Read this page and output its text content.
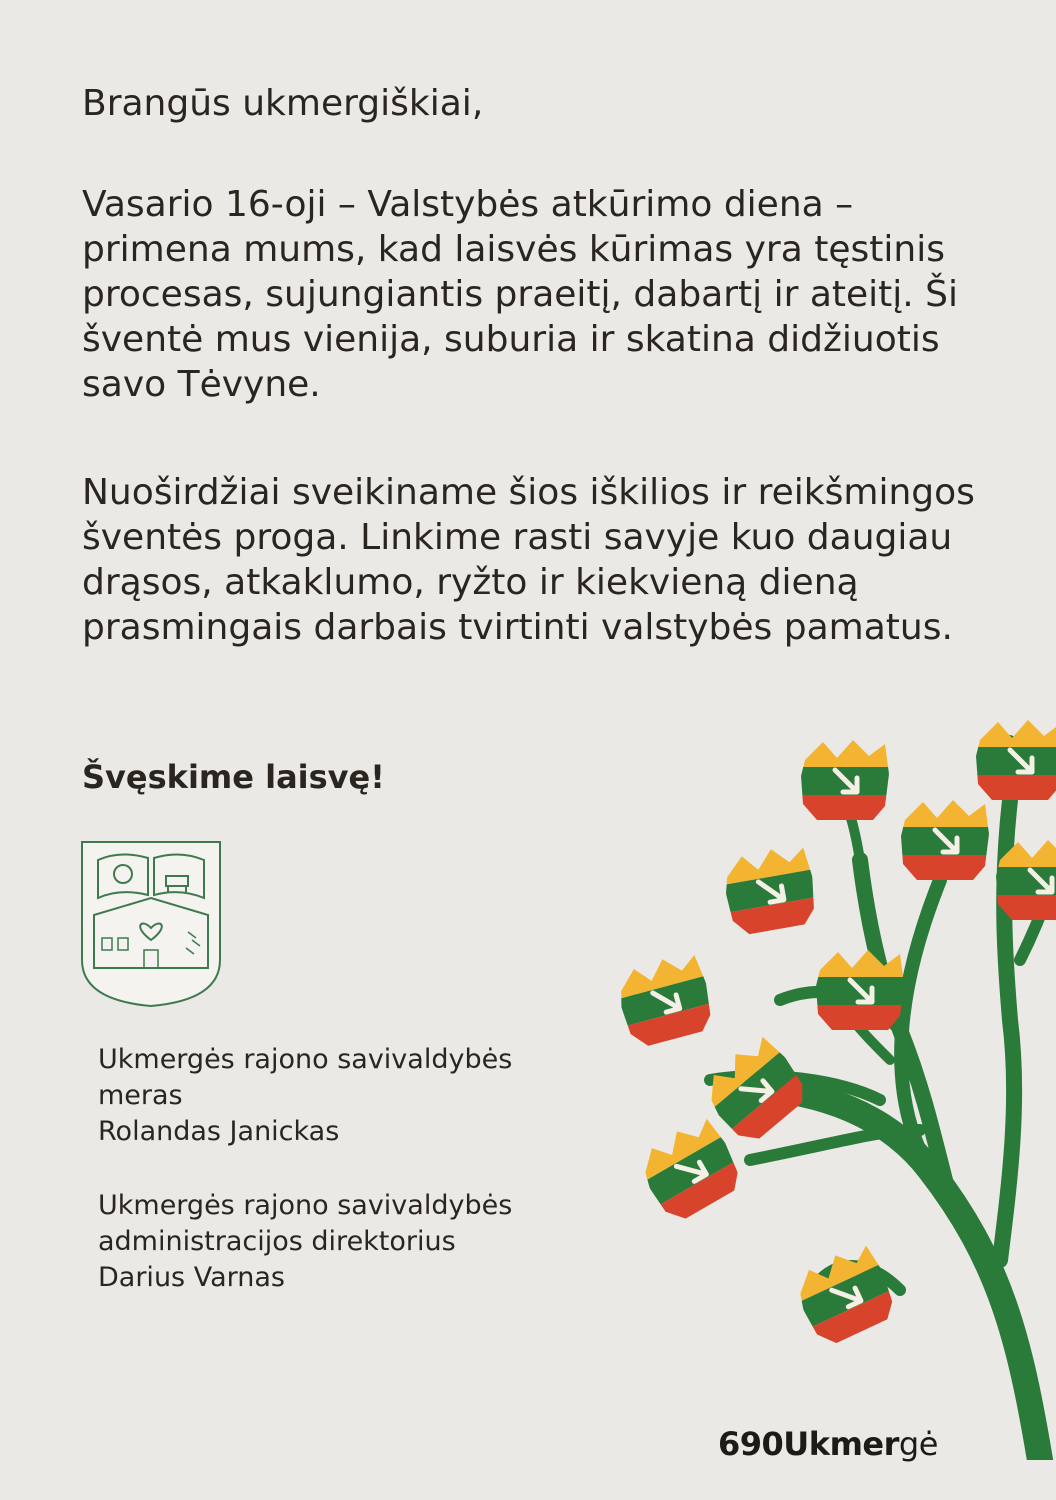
Brangūs ukmergiškiai,

Vasario 16-oji – Valstybės atkūrimo diena – primena mums, kad laisvės kūrimas yra tęstinis procesas, sujungiantis praeitį, dabartį ir ateitį. Ši šventė mus vienija, suburia ir skatina didžiuotis savo Tėvyne.

Nuoširdžiai sveikiname šios iškilios ir reikšmingos šventės proga. Linkime rasti savyje kuo daugiau drąsos, atkaklumo, ryžto ir kiekvieną dieną prasmingais darbais tvirtinti valstybės pamatus.

Švęskime laisvę!

Ukmergės rajono savivaldybės
meras
Rolandas Janickas

Ukmergės rajono savivaldybės
administracijos direktorius
Darius Varnas

690Ukmergė
